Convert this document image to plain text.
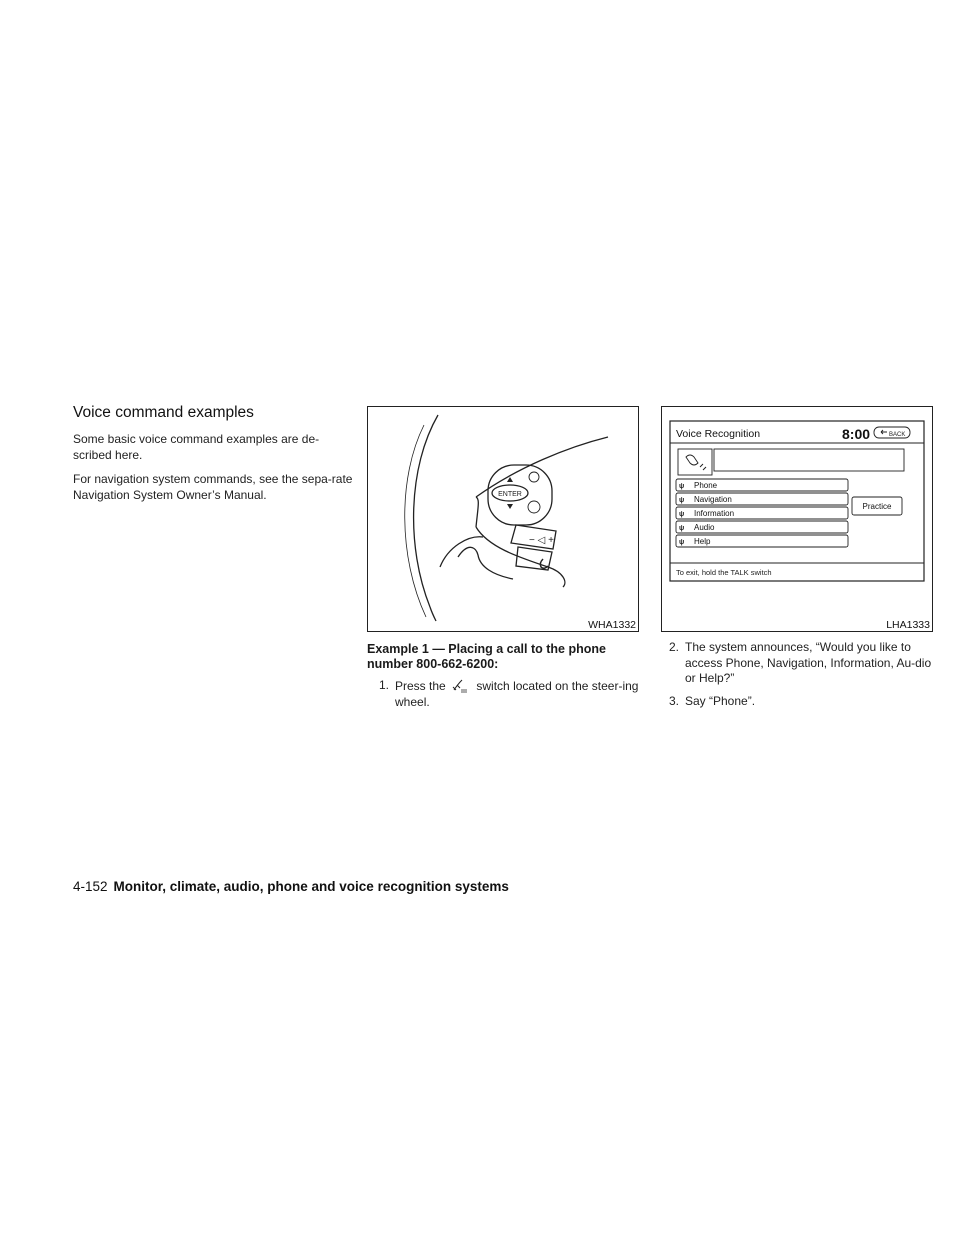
Voice command examples

Some basic voice command examples are de-scribed here.

For navigation system commands, see the sepa-rate Navigation System Owner’s Manual.	ENTER
− ◁ +
WHA1332
Example 1 — Placing a call to the phone number 800-662-6200:
1. Press the	switch located on the steer-ing wheel.
Voice Recognition	8:00	BACK
ψ Phone
ψ Navigation
ψ Information
ψ Audio
ψ Help
Practice
To exit, hold the TALK switch
LHA1333
2. The system announces, “Would you like to access Phone, Navigation, Information, Au-dio or Help?”
3. Say “Phone”.
4-152 Monitor, climate, audio, phone and voice recognition systems
